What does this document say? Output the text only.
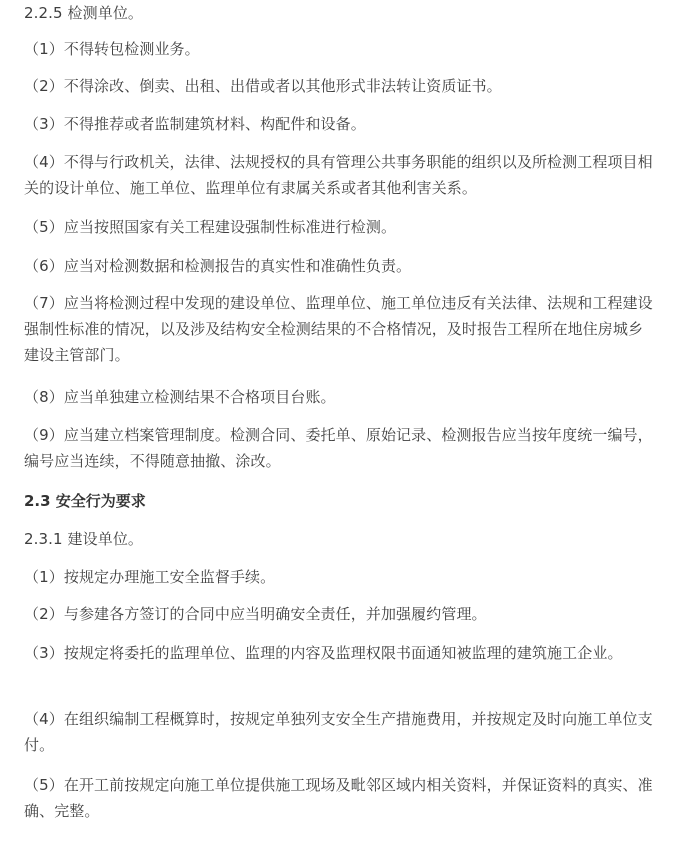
2.2.5 检测单位。

（1）不得转包检测业务。

（2）不得涂改、倒卖、出租、出借或者以其他形式非法转让资质证书。

（3）不得推荐或者监制建筑材料、构配件和设备。

（4）不得与行政机关，法律、法规授权的具有管理公共事务职能的组织以及所检测工程项目相关的设计单位、施工单位、监理单位有隶属关系或者其他利害关系。

（5）应当按照国家有关工程建设强制性标准进行检测。

（6）应当对检测数据和检测报告的真实性和准确性负责。

（7）应当将检测过程中发现的建设单位、监理单位、施工单位违反有关法律、法规和工程建设强制性标准的情况，以及涉及结构安全检测结果的不合格情况，及时报告工程所在地住房城乡建设主管部门。

（8）应当单独建立检测结果不合格项目台账。

（9）应当建立档案管理制度。检测合同、委托单、原始记录、检测报告应当按年度统一编号，编号应当连续，不得随意抽撤、涂改。

2.3 安全行为要求

2.3.1 建设单位。

（1）按规定办理施工安全监督手续。

（2）与参建各方签订的合同中应当明确安全责任，并加强履约管理。

（3）按规定将委托的监理单位、监理的内容及监理权限书面通知被监理的建筑施工企业。

（4）在组织编制工程概算时，按规定单独列支安全生产措施费用，并按规定及时向施工单位支付。

（5）在开工前按规定向施工单位提供施工现场及毗邻区域内相关资料，并保证资料的真实、准确、完整。
